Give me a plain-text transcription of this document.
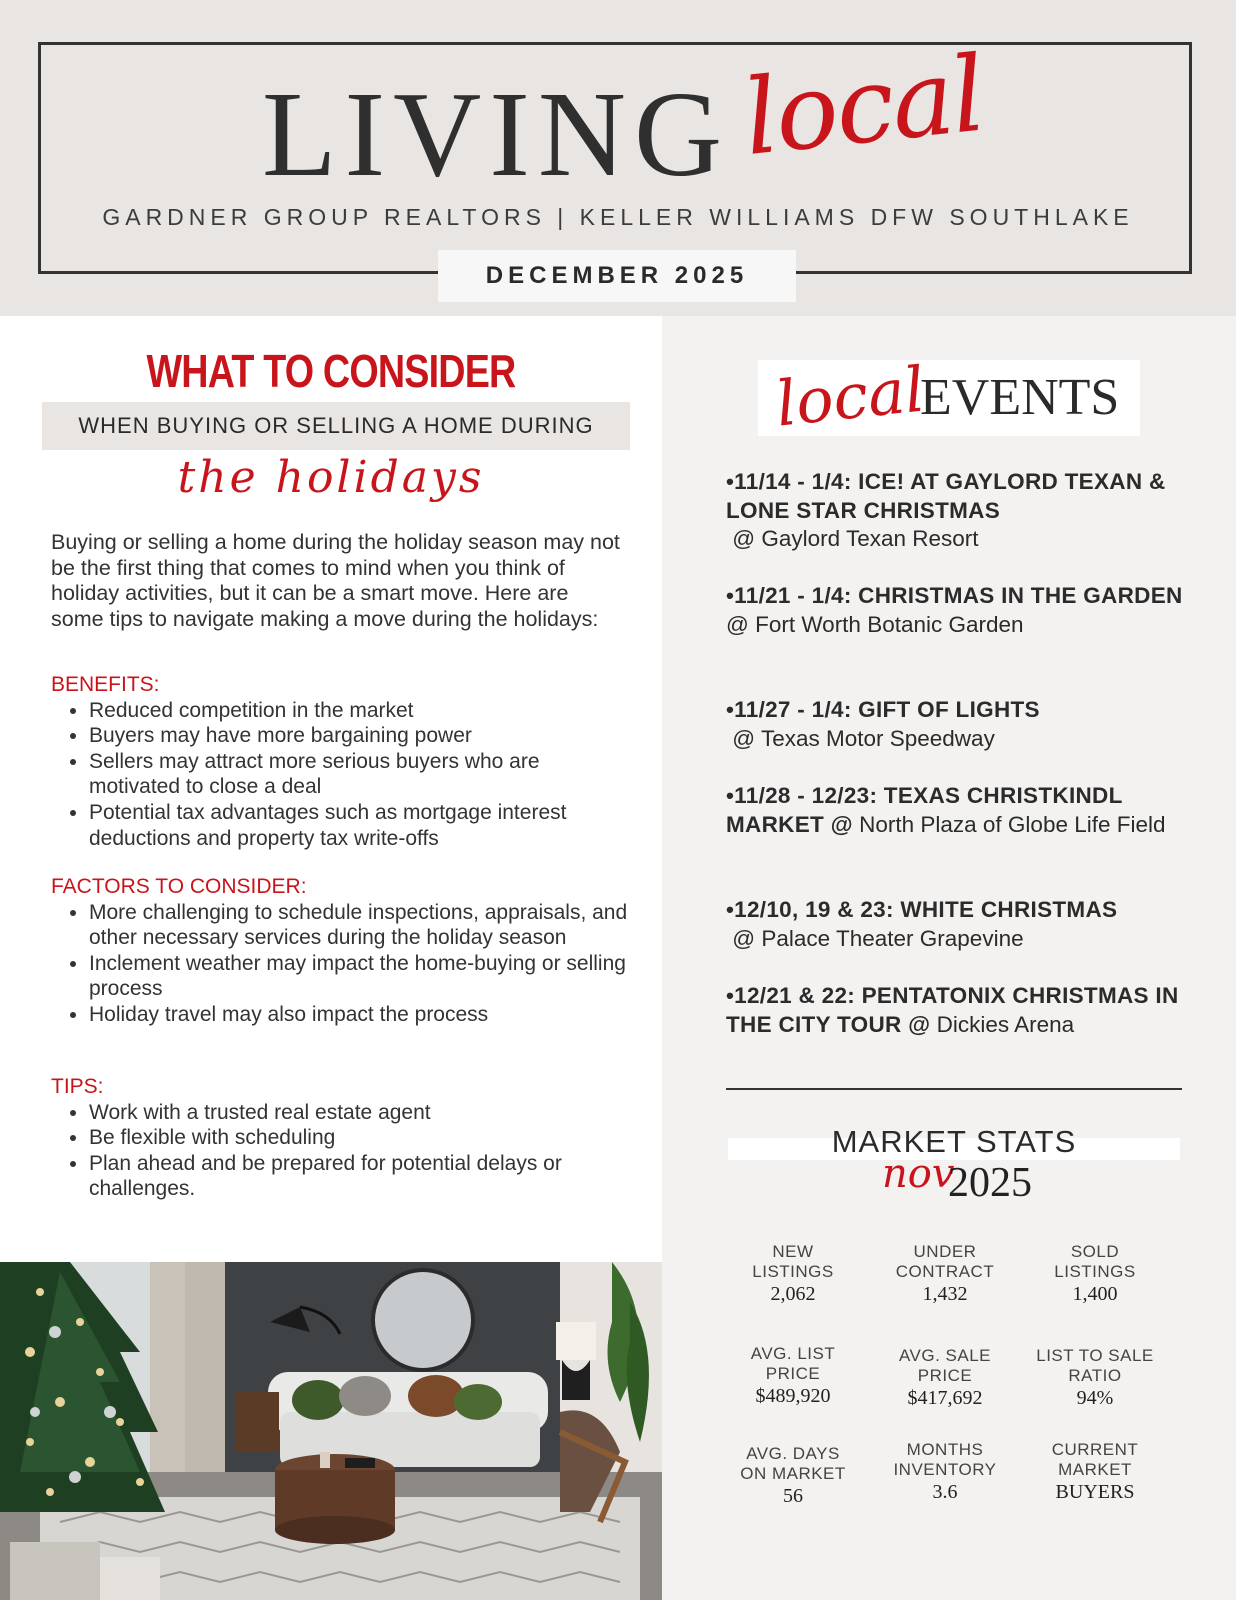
LIVING local
GARDNER GROUP REALTORS | KELLER WILLIAMS DFW SOUTHLAKE
DECEMBER 2025
WHAT TO CONSIDER
WHEN BUYING OR SELLING A HOME DURING
the holidays
Buying or selling a home during the holiday season may not be the first thing that comes to mind when you think of holiday activities, but it can be a smart move. Here are some tips to navigate making a move during the holidays:
BENEFITS:
• Reduced competition in the market
• Buyers may have more bargaining power
• Sellers may attract more serious buyers who are motivated to close a deal
• Potential tax advantages such as mortgage interest deductions and property tax write-offs
FACTORS TO CONSIDER:
• More challenging to schedule inspections, appraisals, and other necessary services during the holiday season
• Inclement weather may impact the home-buying or selling process
• Holiday travel may also impact the process
TIPS:
• Work with a trusted real estate agent
• Be flexible with scheduling
• Plan ahead and be prepared for potential delays or challenges.
local
EVENTS
•11/14 - 1/4: ICE! AT GAYLORD TEXAN & LONE STAR CHRISTMAS
@ Gaylord Texan Resort
•11/21 - 1/4: CHRISTMAS IN THE GARDEN @ Fort Worth Botanic Garden
•11/27 - 1/4: GIFT OF LIGHTS
@ Texas Motor Speedway
•11/28 - 12/23: TEXAS CHRISTKINDL MARKET @ North Plaza of Globe Life Field
•12/10, 19 & 23: WHITE CHRISTMAS
@ Palace Theater Grapevine
•12/21 & 22: PENTATONIX CHRISTMAS IN THE CITY TOUR @ Dickies Arena
MARKET STATS
nov
2025
NEW
LISTINGS
2,062
UNDER
CONTRACT
1,432
SOLD
LISTINGS
1,400
AVG. LIST
PRICE
$489,920
AVG. SALE
PRICE
$417,692
LIST TO SALE
RATIO
94%
AVG. DAYS
ON MARKET
56
MONTHS
INVENTORY
3.6
CURRENT
MARKET
BUYERS
